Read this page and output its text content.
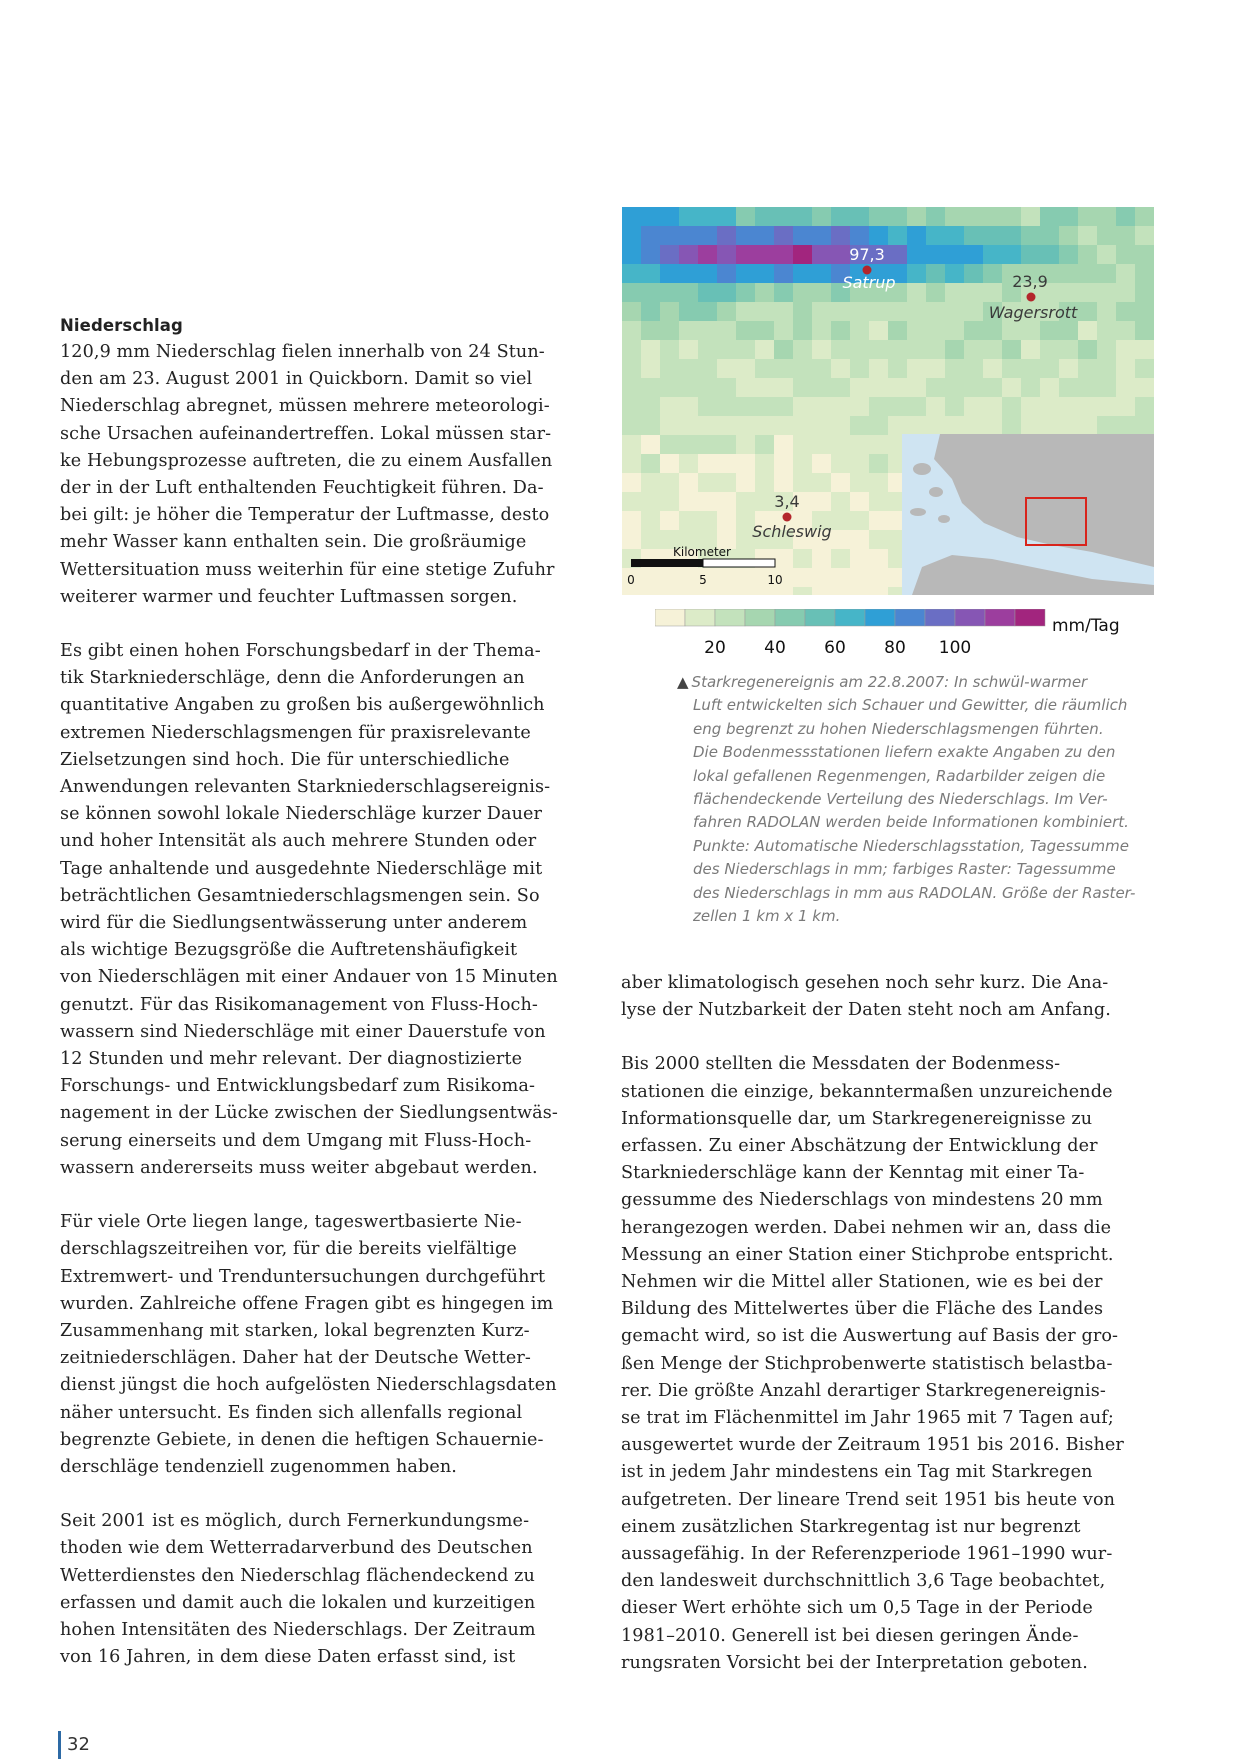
Niederschlag

120,9 mm Niederschlag fielen innerhalb von 24 Stun-
den am 23. August 2001 in Quickborn. Damit so viel
Niederschlag abregnet, müssen mehrere meteorologi-
sche Ursachen aufeinandertreffen. Lokal müssen star-
ke Hebungsprozesse auftreten, die zu einem Ausfallen
der in der Luft enthaltenden Feuchtigkeit führen. Da-
bei gilt: je höher die Temperatur der Luftmasse, desto
mehr Wasser kann enthalten sein. Die großräumige
Wettersituation muss weiterhin für eine stetige Zufuhr
weiterer warmer und feuchter Luftmassen sorgen.

Es gibt einen hohen Forschungsbedarf in der Thema-
tik Starkniederschläge, denn die Anforderungen an
quantitative Angaben zu großen bis außergewöhnlich
extremen Niederschlagsmengen für praxisrelevante
Zielsetzungen sind hoch. Die für unterschiedliche
Anwendungen relevanten Starkniederschlagsereignis-
se können sowohl lokale Niederschläge kurzer Dauer
und hoher Intensität als auch mehrere Stunden oder
Tage anhaltende und ausgedehnte Niederschläge mit
beträchtlichen Gesamtniederschlagsmengen sein. So
wird für die Siedlungsentwässerung unter anderem
als wichtige Bezugsgröße die Auftretenshäufigkeit
von Niederschlägen mit einer Andauer von 15 Minuten
genutzt. Für das Risikomanagement von Fluss-Hoch-
wassern sind Niederschläge mit einer Dauerstufe von
12 Stunden und mehr relevant. Der diagnostizierte
Forschungs- und Entwicklungsbedarf zum Risikoma-
nagement in der Lücke zwischen der Siedlungsentwäs-
serung einerseits und dem Umgang mit Fluss-Hoch-
wassern andererseits muss weiter abgebaut werden.

Für viele Orte liegen lange, tageswertbasierte Nie-
derschlagszeitreihen vor, für die bereits vielfältige
Extremwert- und Trenduntersuchungen durchgeführt
wurden. Zahlreiche offene Fragen gibt es hingegen im
Zusammenhang mit starken, lokal begrenzten Kurz-
zeitniederschlägen. Daher hat der Deutsche Wetter-
dienst jüngst die hoch aufgelösten Niederschlagsdaten
näher untersucht. Es finden sich allenfalls regional
begrenzte Gebiete, in denen die heftigen Schauernie-
derschläge tendenziell zugenommen haben.

Seit 2001 ist es möglich, durch Fernerkundungsme-
thoden wie dem Wetterradarverbund des Deutschen
Wetterdienstes den Niederschlag flächendeckend zu
erfassen und damit auch die lokalen und kurzeitigen
hohen Intensitäten des Niederschlags. Der Zeitraum
von 16 Jahren, in dem diese Daten erfasst sind, ist

97,3
Satrup	23,9
Wagersrott
3,4
Schleswig
Kilometer
0	5	10
mm/Tag
20 40 60 80 100
▲ Starkregenereignis am 22.8.2007: In schwül-warmer
Luft entwickelten sich Schauer und Gewitter, die räumlich
eng begrenzt zu hohen Niederschlagsmengen führten.
Die Bodenmessstationen liefern exakte Angaben zu den
lokal gefallenen Regenmengen, Radarbilder zeigen die
flächendeckende Verteilung des Niederschlags. Im Ver-
fahren RADOLAN werden beide Informationen kombiniert.
Punkte: Automatische Niederschlagsstation, Tagessumme
des Niederschlags in mm; farbiges Raster: Tagessumme
des Niederschlags in mm aus RADOLAN. Größe der Raster-
zellen 1 km x 1 km.

aber klimatologisch gesehen noch sehr kurz. Die Ana-
lyse der Nutzbarkeit der Daten steht noch am Anfang.

Bis 2000 stellten die Messdaten der Bodenmess-
stationen die einzige, bekanntermaßen unzureichende
Informationsquelle dar, um Starkregenereignisse zu
erfassen. Zu einer Abschätzung der Entwicklung der
Starkniederschläge kann der Kenntag mit einer Ta-
gessumme des Niederschlags von mindestens 20 mm
herangezogen werden. Dabei nehmen wir an, dass die
Messung an einer Station einer Stichprobe entspricht.
Nehmen wir die Mittel aller Stationen, wie es bei der
Bildung des Mittelwertes über die Fläche des Landes
gemacht wird, so ist die Auswertung auf Basis der gro-
ßen Menge der Stichprobenwerte statistisch belastba-
rer. Die größte Anzahl derartiger Starkregenereignis-
se trat im Flächenmittel im Jahr 1965 mit 7 Tagen auf;
ausgewertet wurde der Zeitraum 1951 bis 2016. Bisher
ist in jedem Jahr mindestens ein Tag mit Starkregen
aufgetreten. Der lineare Trend seit 1951 bis heute von
einem zusätzlichen Starkregentag ist nur begrenzt
aussagefähig. In der Referenzperiode 1961–1990 wur-
den landesweit durchschnittlich 3,6 Tage beobachtet,
dieser Wert erhöhte sich um 0,5 Tage in der Periode
1981–2010. Generell ist bei diesen geringen Ände-
rungsraten Vorsicht bei der Interpretation geboten.

32
